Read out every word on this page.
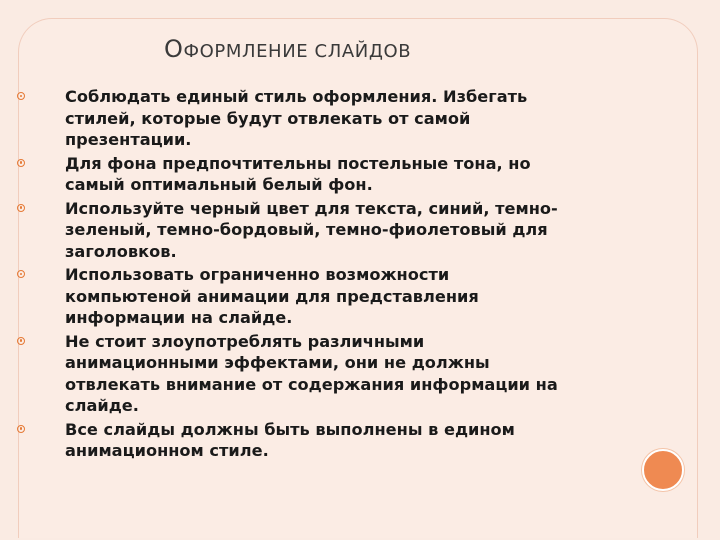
ОФОРМЛЕНИЕ СЛАЙДОВ
Соблюдать единый стиль оформления. Избегать
стилей, которые будут отвлекать от самой
презентации.
Для фона предпочтительны постельные тона, но
самый оптимальный белый фон.
Используйте черный цвет для текста, синий, темно-
зеленый, темно-бордовый, темно-фиолетовый для
заголовков.
Использовать ограниченно возможности
компьютеной анимации для представления
информации на слайде.
Не стоит злоупотреблять различными
анимационными эффектами, они не должны
отвлекать внимание от содержания информации на
слайде.
Все слайды должны быть выполнены в едином
анимационном стиле.
